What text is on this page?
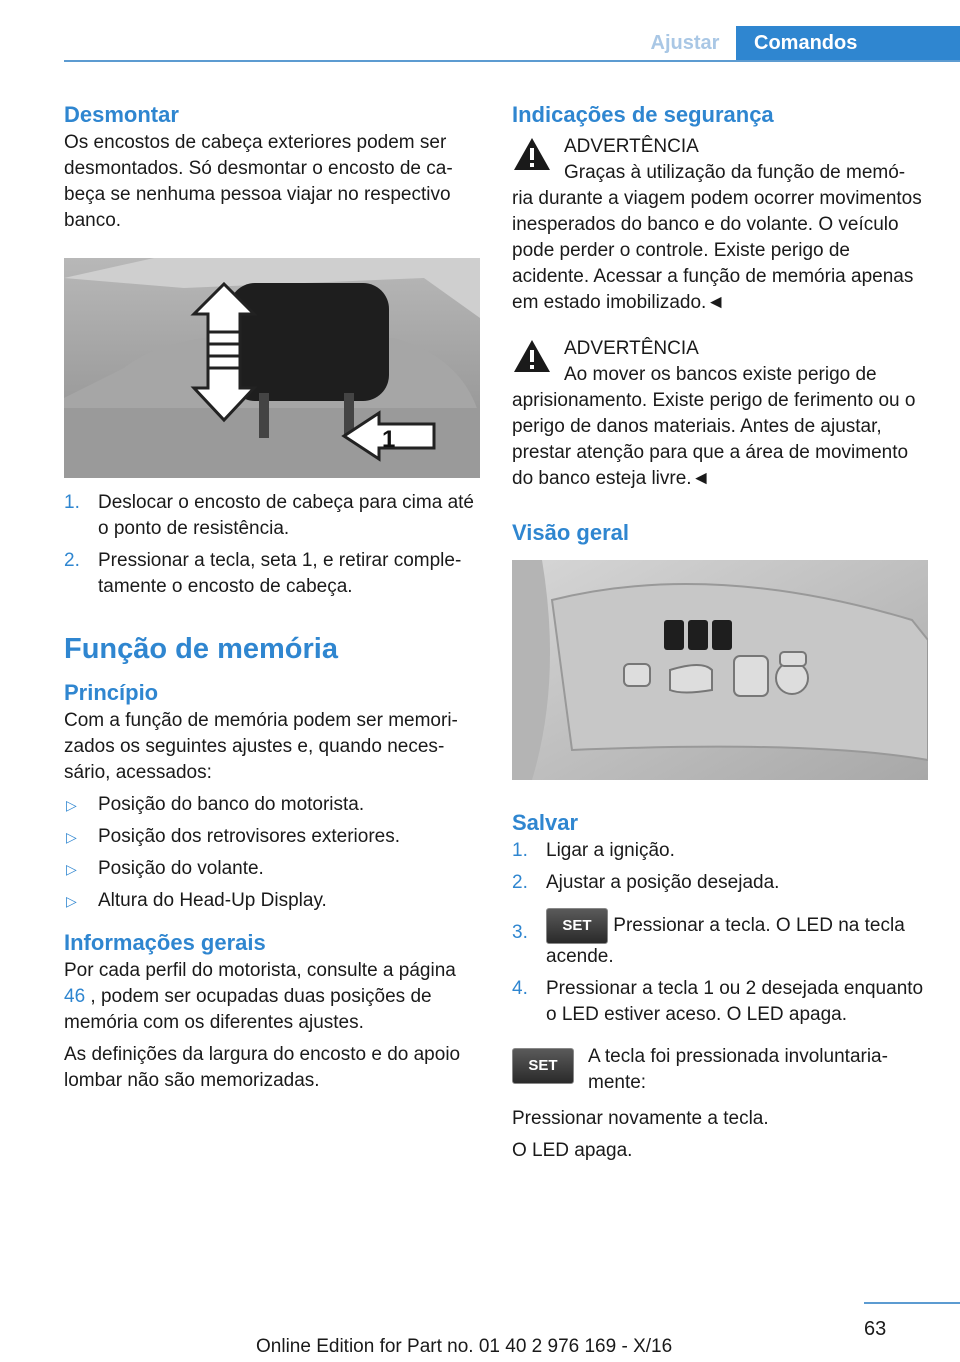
Ajustar	Comandos
Desmontar

Os encostos de cabeça exteriores podem ser desmontados. Só desmontar o encosto de cabeça se nenhuma pessoa viajar no respectivo banco.

1
1. Deslocar o encosto de cabeça para cima até o ponto de resistência.
2. Pressionar a tecla, seta 1, e retirar completamente o encosto de cabeça.
Função de memória
Princípio

Com a função de memória podem ser memorizados os seguintes ajustes e, quando necessário, acessados:

▷ Posição do banco do motorista.
▷ Posição dos retrovisores exteriores.
▷ Posição do volante.
▷ Altura do Head-Up Display.
Informações gerais

Por cada perfil do motorista, consulte a página 46 , podem ser ocupadas duas posições de memória com os diferentes ajustes.

As definições da largura do encosto e do apoio lombar não são memorizadas.

Indicações de segurança

ADVERTÊNCIA

Graças à utilização da função de memó-

ria durante a viagem podem ocorrer movimentos inesperados do banco e do volante. O veículo pode perder o controle. Existe perigo de acidente. Acessar a função de memória apenas em estado imobilizado.◄

ADVERTÊNCIA

Ao mover os bancos existe perigo de

aprisionamento. Existe perigo de ferimento ou o perigo de danos materiais. Antes de ajustar, prestar atenção para que a área de movimento do banco esteja livre.◄

Visão geral
Salvar
1. Ligar a ignição.
2. Ajustar a posição desejada.
3. SET Pressionar a tecla. O LED na tecla acende.
4. Pressionar a tecla 1 ou 2 desejada enquanto o LED estiver aceso. O LED apaga.
SET	A tecla foi pressionada involuntariamente:

Pressionar novamente a tecla.

O LED apaga.

63
Online Edition for Part no. 01 40 2 976 169 - X/16
